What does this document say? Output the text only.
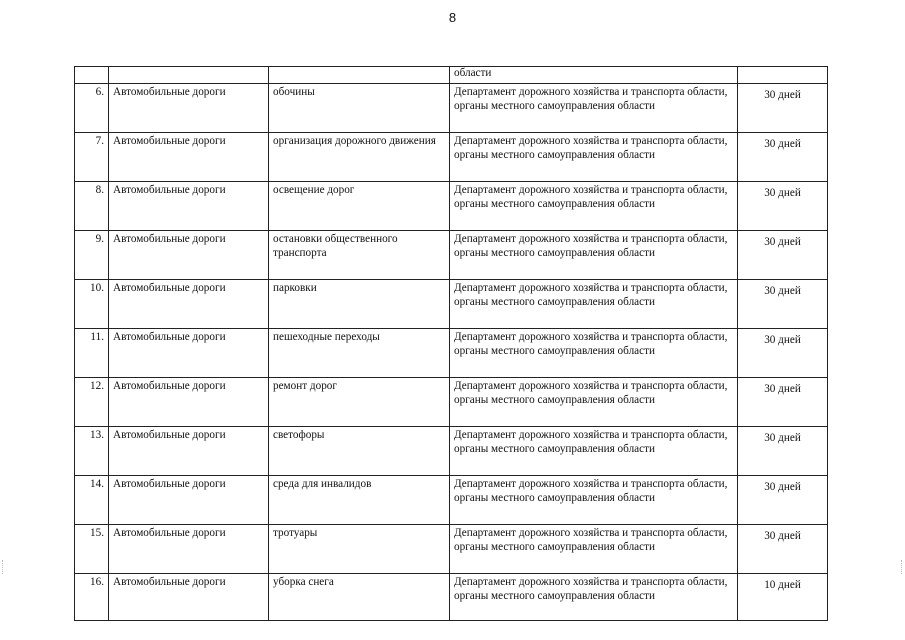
8
			области	
6.	Автомобильные дороги	обочины	Департамент дорожного хозяйства и транспорта области, органы местного самоуправления области	30 дней
7.	Автомобильные дороги	организация дорожного движения	Департамент дорожного хозяйства и транспорта области, органы местного самоуправления области	30 дней
8.	Автомобильные дороги	освещение дорог	Департамент дорожного хозяйства и транспорта области, органы местного самоуправления области	30 дней
9.	Автомобильные дороги	остановки общественного транспорта	Департамент дорожного хозяйства и транспорта области, органы местного самоуправления области	30 дней
10.	Автомобильные дороги	парковки	Департамент дорожного хозяйства и транспорта области, органы местного самоуправления области	30 дней
11.	Автомобильные дороги	пешеходные переходы	Департамент дорожного хозяйства и транспорта области, органы местного самоуправления области	30 дней
12.	Автомобильные дороги	ремонт дорог	Департамент дорожного хозяйства и транспорта области, органы местного самоуправления области	30 дней
13.	Автомобильные дороги	светофоры	Департамент дорожного хозяйства и транспорта области, органы местного самоуправления области	30 дней
14.	Автомобильные дороги	среда для инвалидов	Департамент дорожного хозяйства и транспорта области, органы местного самоуправления области	30 дней
15.	Автомобильные дороги	тротуары	Департамент дорожного хозяйства и транспорта области, органы местного самоуправления области	30 дней
16.	Автомобильные дороги	уборка снега	Департамент дорожного хозяйства и транспорта области, органы местного самоуправления области	10 дней
